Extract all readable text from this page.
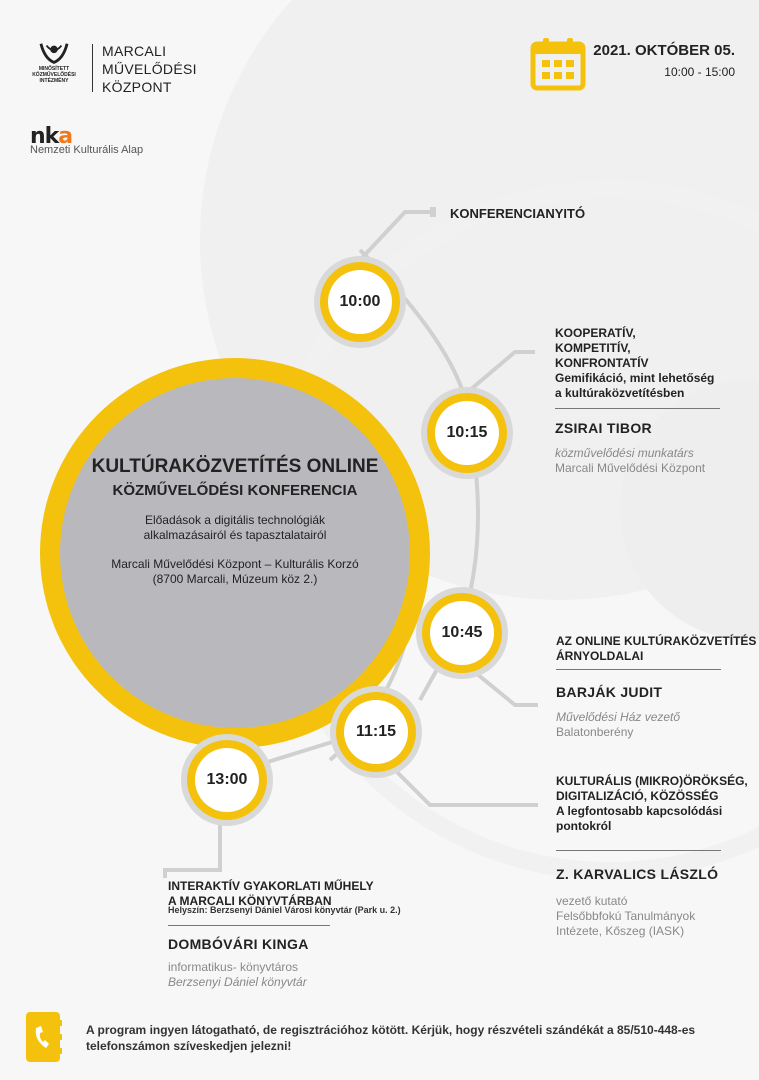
MINŐSÍTETT
KÖZMŰVELŐDÉSI
INTÉZMÉNY
MARCALI
MŰVELŐDÉSI
KÖZPONT
nka
Nemzeti Kulturális Alap
2021. OKTÓBER 05.
10:00 - 15:00
KULTÚRAKÖZVETÍTÉS ONLINE
KÖZMŰVELŐDÉSI KONFERENCIA
Előadások a digitális technológiák
alkalmazásairól és tapasztalatairól
Marcali Művelődési Központ – Kulturális Korzó
(8700 Marcali, Múzeum köz 2.)
10:00
10:15
10:45
11:15
13:00
KONFERENCIANYITÓ
KOOPERATÍV,
KOMPETITÍV,
KONFRONTATÍV
Gemifikáció, mint lehetőség
a kultúraközvetítésben
ZSIRAI TIBOR
közművelődési munkatárs
Marcali Művelődési Központ
AZ ONLINE KULTÚRAKÖZVETÍTÉS
ÁRNYOLDALAI
BARJÁK JUDIT
Művelődési Ház vezető
Balatonberény
KULTURÁLIS (MIKRO)ÖRÖKSÉG,
DIGITALIZÁCIÓ, KÖZÖSSÉG
A legfontosabb kapcsolódási
pontokról
Z. KARVALICS LÁSZLÓ
vezető kutató
Felsőbbfokú Tanulmányok
Intézete, Kőszeg (IASK)
INTERAKTÍV GYAKORLATI MŰHELY
A MARCALI KÖNYVTÁRBAN
Helyszín: Berzsenyi Dániel Városi könyvtár (Park u. 2.)
DOMBÓVÁRI KINGA
informatikus- könyvtáros
Berzsenyi Dániel könyvtár
A program ingyen látogatható, de regisztrációhoz kötött. Kérjük, hogy részvételi szándékát a 85/510-448-es
telefonszámon szíveskedjen jelezni!
